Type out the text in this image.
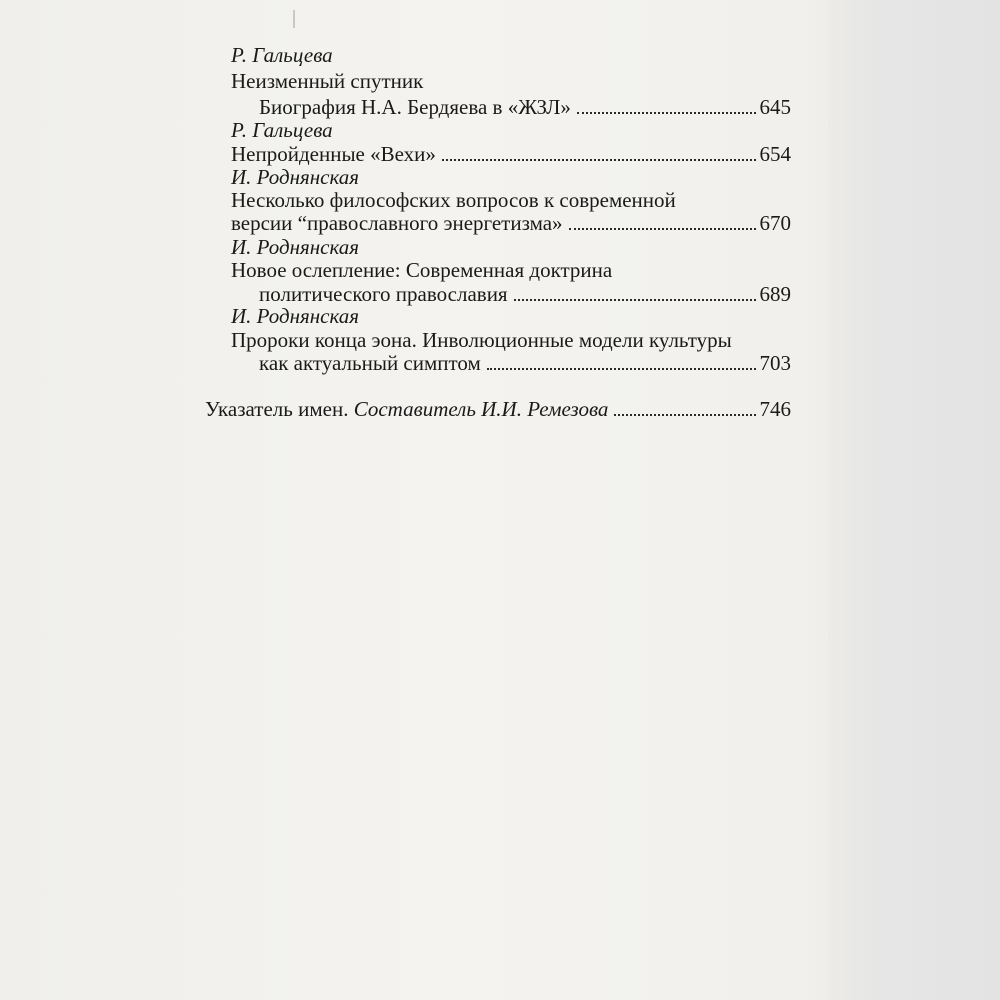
Р. Гальцева
Неизменный спутник
Биография Н.А. Бердяева в «ЖЗЛ»	645
Р. Гальцева
Непройденные «Вехи»	654
И. Роднянская
Несколько философских вопросов к современной
версии “православного энергетизма»	670
И. Роднянская
Новое ослепление: Современная доктрина
политического православия	689
И. Роднянская
Пророки конца эона. Инволюционные модели культуры
как актуальный симптом	703
Указатель имен. Составитель И.И. Ремезова	746
